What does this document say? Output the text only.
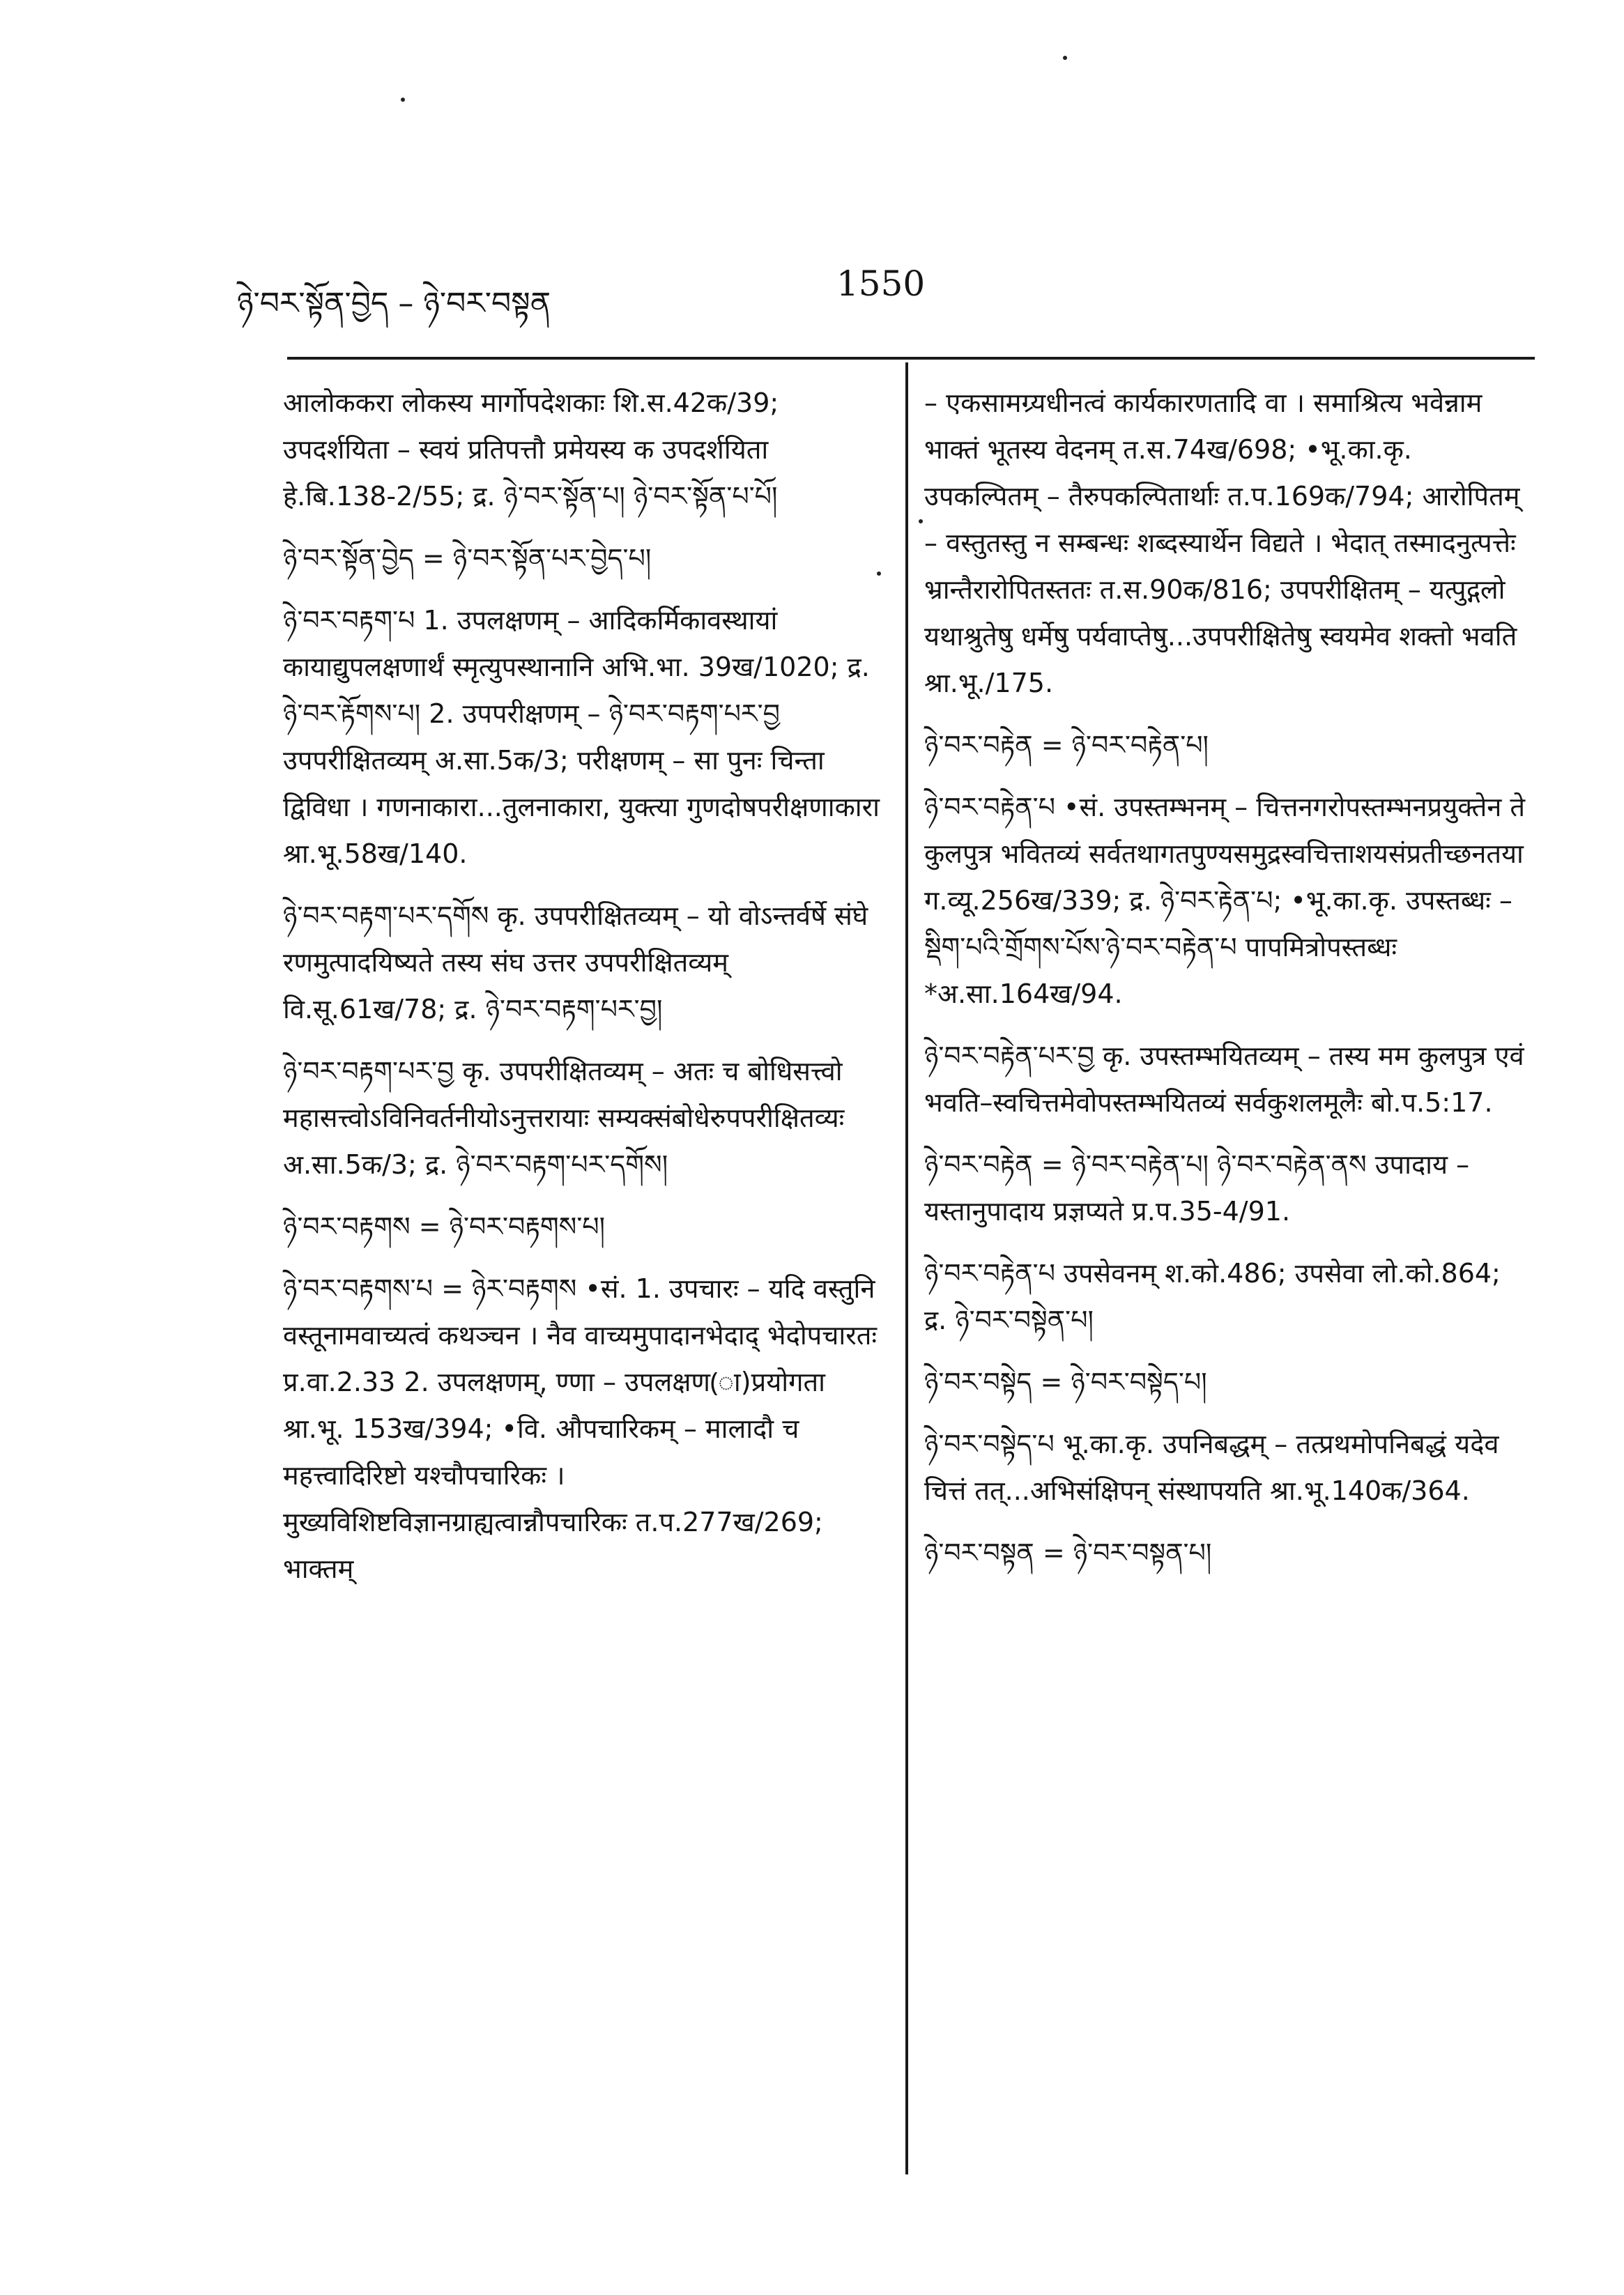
ཉེ་བར་སྟོན་བྱེད – ཉེ་བར་བསྟན	1550
आलोककरा लोकस्य मार्गोपदेशकाः शि.स.42क/39; उपदर्शयिता – स्वयं प्रतिपत्तौ प्रमेयस्य क उपदर्शयिता हे.बि.138-2/55; द्र. ཉེ་བར་སྟོན་པ། ཉེ་བར་སྟོན་པ་པོ།
ཉེ་བར་སྟོན་བྱེད = ཉེ་བར་སྟོན་པར་བྱེད་པ།
ཉེ་བར་བརྟག་པ 1. उपलक्षणम् – आदिकर्मिकावस्थायां कायाद्युपलक्षणार्थं स्मृत्युपस्थानानि अभि.भा. 39ख/1020; द्र. ཉེ་བར་རྟོགས་པ། 2. उपपरीक्षणम् – ཉེ་བར་བརྟག་པར་བྱ उपपरीक्षितव्यम् अ.सा.5क/3; परीक्षणम् – सा पुनः चिन्ता द्विविधा । गणनाकारा...तुलनाकारा, युक्त्या गुणदोषपरीक्षणाकारा श्रा.भू.58ख/140.
ཉེ་བར་བརྟག་པར་དགོས कृ. उपपरीक्षितव्यम् – यो वोऽन्तर्वर्षे संघे रणमुत्पादयिष्यते तस्य संघ उत्तर उपपरीक्षितव्यम् वि.सू.61ख/78; द्र. ཉེ་བར་བརྟག་པར་བྱ།
ཉེ་བར་བརྟག་པར་བྱ कृ. उपपरीक्षितव्यम् – अतः च बोधिसत्त्वो महासत्त्वोऽविनिवर्तनीयोऽनुत्तरायाः सम्यक्संबोधेरुपपरीक्षितव्यः अ.सा.5क/3; द्र. ཉེ་བར་བརྟག་པར་དགོས།
ཉེ་བར་བརྟགས = ཉེ་བར་བརྟགས་པ།
ཉེ་བར་བརྟགས་པ = ཉེར་བརྟགས •सं. 1. उपचारः – यदि वस्तुनि वस्तूनामवाच्यत्वं कथञ्चन । नैव वाच्यमुपादानभेदाद् भेदोपचारतः प्र.वा.2.33 2. उपलक्षणम्, ण्णा – उपलक्षण(ा)प्रयोगता श्रा.भू. 153ख/394; •वि. औपचारिकम् – मालादौ च महत्त्वादिरिष्टो यश्चौपचारिकः । मुख्यविशिष्टविज्ञानग्राह्यत्वान्नौपचारिकः त.प.277ख/269; भाक्तम्
– एकसामग्र्यधीनत्वं कार्यकारणतादि वा । समाश्रित्य भवेन्नाम भाक्तं भूतस्य वेदनम् त.स.74ख/698; •भू.का.कृ. उपकल्पितम् – तैरुपकल्पितार्थाः त.प.169क/794; आरोपितम् – वस्तुतस्तु न सम्बन्धः शब्दस्यार्थेन विद्यते । भेदात् तस्मादनुत्पत्तेः भ्रान्तैरारोपितस्ततः त.स.90क/816; उपपरीक्षितम् – यत्पुद्गलो यथाश्रुतेषु धर्मेषु पर्यवाप्तेषु...उपपरीक्षितेषु स्वयमेव शक्तो भवति श्रा.भू./175.
ཉེ་བར་བརྟེན = ཉེ་བར་བརྟེན་པ།
ཉེ་བར་བརྟེན་པ •सं. उपस्तम्भनम् – चित्तनगरोपस्तम्भनप्रयुक्तेन ते कुलपुत्र भवितव्यं सर्वतथागतपुण्यसमुद्रस्वचित्ताशयसंप्रतीच्छनतया ग.व्यू.256ख/339; द्र. ཉེ་བར་རྟེན་པ; •भू.का.कृ. उपस्तब्धः – སྡིག་པའི་གྲོགས་པོས་ཉེ་བར་བརྟེན་པ पापमित्रोपस्तब्धः *अ.सा.164ख/94.
ཉེ་བར་བརྟེན་པར་བྱ कृ. उपस्तम्भयितव्यम् – तस्य मम कुलपुत्र एवं भवति–स्वचित्तमेवोपस्तम्भयितव्यं सर्वकुशलमूलैः बो.प.5:17.
ཉེ་བར་བརྟེན = ཉེ་བར་བརྟེན་པ། ཉེ་བར་བརྟེན་ནས उपादाय – यस्तानुपादाय प्रज्ञप्यते प्र.प.35-4/91.
ཉེ་བར་བརྟེན་པ उपसेवनम् श.को.486; उपसेवा लो.को.864; द्र. ཉེ་བར་བསྟེན་པ།
ཉེ་བར་བསྟེད = ཉེ་བར་བསྟེད་པ།
ཉེ་བར་བསྟེད་པ भू.का.कृ. उपनिबद्धम् – तत्प्रथमोपनिबद्धं यदेव चित्तं तत्...अभिसंक्षिपन् संस्थापयति श्रा.भू.140क/364.
ཉེ་བར་བསྟན = ཉེ་བར་བསྟན་པ།
